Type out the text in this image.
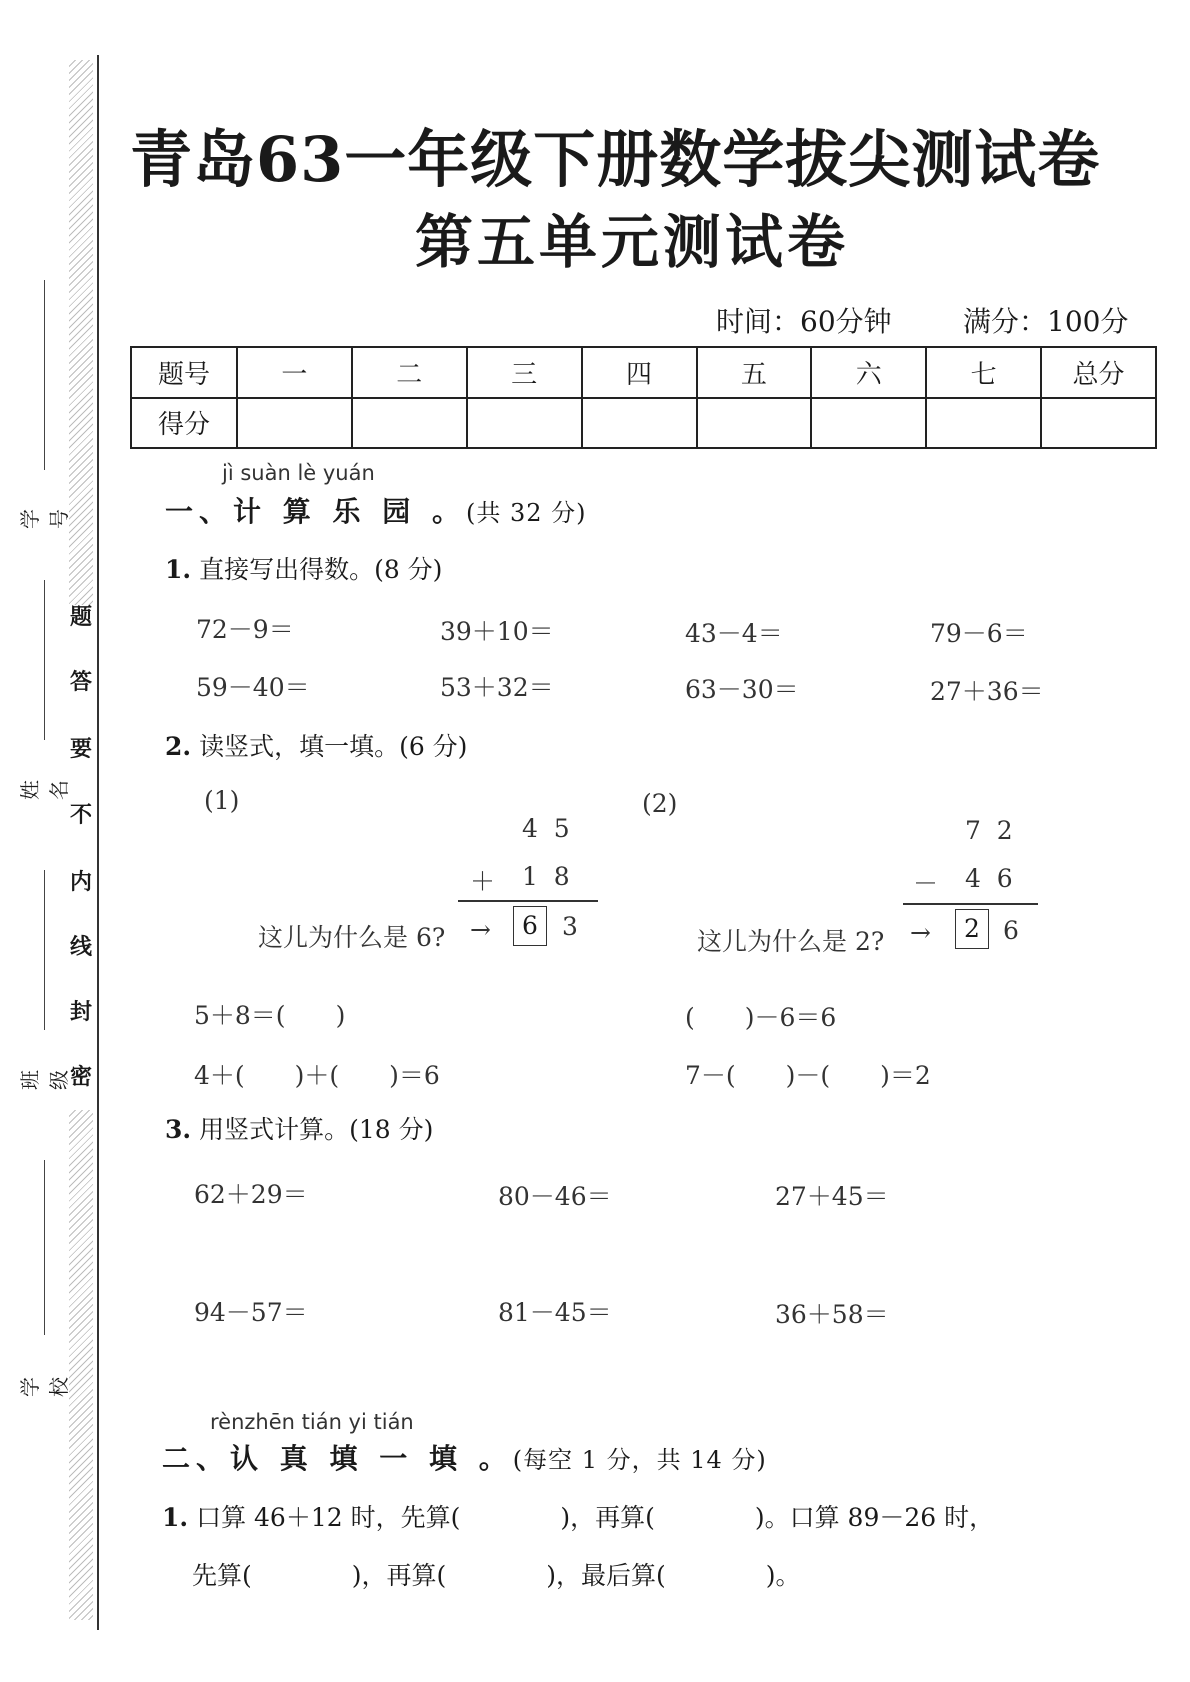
密
封
线
内
不
要
答
题
学号
姓名
班级
学校
青岛63一年级下册数学拔尖测试卷
第五单元测试卷
时间：60分钟	满分：100分
题号	一	二	三	四	五	六	七	总分
得分								
jì suàn lè yuán
一、计 算 乐 园 。(共 32 分)
1. 直接写出得数。(8 分)
72－9＝	39＋10＝	43－4＝	79－6＝
59－40＝	53＋32＝	63－30＝	27＋36＝
2. 读竖式，填一填。(6 分)
(1)
4  5
＋ 1  8
这儿为什么是 6? →	6 3
5＋8＝(　　)
4＋(　　)＋(　　)＝6
(2)
7  2
－ 4  6
这儿为什么是 2? →	2 6
(　　)－6＝6
7－(　　)－(　　)＝2
3. 用竖式计算。(18 分)
62＋29＝	80－46＝	27＋45＝
94－57＝	81－45＝	36＋58＝
rènzhēn tián yi tián
二、认 真 填 一 填 。(每空 1 分，共 14 分)
1. 口算 46＋12 时，先算(　　　　)，再算(　　　　)。口算 89－26 时，
先算(　　　　)，再算(　　　　)，最后算(　　　　)。
